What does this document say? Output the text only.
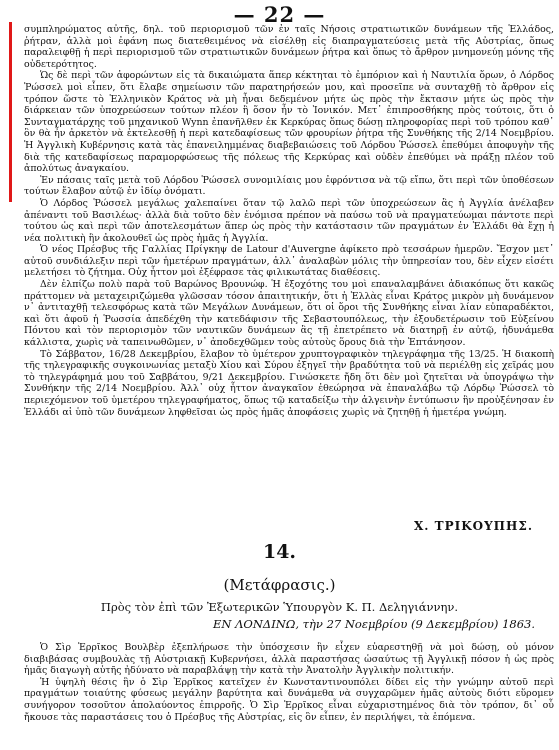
— 22 —

συμπληρώματος αὐτῆς, δηλ. τοῦ περιορισμοῦ τῶν ἐν ταῖς Νήσοις στρατιωτικῶν δυνάμεων τῆς Ἑλλάδος, ῥήτραν, ἀλλὰ μοὶ ἐφάνη πως διατεθειμένος νὰ εἰσέλθῃ εἰς διαπραγματεύσεις μετὰ τῆς Αὐστρίας, ὅπως παραλειφθῇ ἡ περὶ περιορισμοῦ τῶν στρατιωτικῶν δυνάμεων ῥήτρα καὶ ὅπως τὸ ἄρθρον μνημονεύῃ μόνης τῆς οὐδετερότητος.

Ὡς δὲ περὶ τῶν ἀφορώντων εἰς τὰ δικαιώματα ἅπερ κέκτηται τὸ ἐμπόριον καὶ ἡ Ναυτιλία ὅρων, ὁ Λόρδος Ῥώσσελ μοὶ εἶπεν, ὅτι ἔλαβε σημείωσιν τῶν παρατηρήσεών μου, καὶ προσεῖπε νὰ συνταχθῇ τὸ ἄρθρον εἰς τρόπον ὥστε τὸ Ἑλληνικὸν Κράτος νὰ μὴ ἦναι δεδεμένον μήτε ὡς πρὸς τὴν ἔκτασιν μήτε ὡς πρὸς τὴν διάρκειαν τῶν ὑποχρεώσεων τούτων πλέον ἢ ὅσον ἦν τὸ Ἰονικόν. Μετ᾽ ἐπιπροσθήκης πρὸς τούτοις, ὅτι ὁ Συνταγματάρχης τοῦ μηχανικοῦ Wynn ἐπανῆλθεν ἐκ Κερκύρας ὅπως δώσῃ πληροφορίας περὶ τοῦ τρόπου καθ᾽ ὃν θὰ ἦν ἀρκετὸν νὰ ἐκτελεσθῇ ἡ περὶ κατεδαφίσεως τῶν φρουρίων ῥήτρα τῆς Συνθήκης τῆς 2/14 Νοεμβρίου. Ἡ Ἀγγλικὴ Κυβέρνησις κατὰ τὰς ἐπανειλημμένας διαβεβαιώσεις τοῦ Λόρδου Ῥώσσελ ἐπεθύμει ἀποφυγὴν τῆς διὰ τῆς κατεδαφίσεως παραμορφώσεως τῆς πόλεως τῆς Κερκύρας καὶ οὐδὲν ἐπεθύμει νὰ πράξῃ πλέον τοῦ ἀπολύτως ἀναγκαίου.

Ἐν πάσαις ταῖς μετὰ τοῦ Λόρδου Ῥώσσελ συνομιλίαις μου ἐφρόντισα νὰ τῷ εἴπω, ὅτι περὶ τῶν ὑποθέσεων τούτων ἔλαβον αὐτῷ ἐν ἰδίῳ ὀνόματι.

Ὁ Λόρδος Ῥώσσελ μεγάλως χαλεπαίνει ὅταν τῷ λαλῶ περὶ τῶν ὑποχρεώσεων ἃς ἡ Ἀγγλία ἀνέλαβεν ἀπέναντι τοῦ Βασιλέως· ἀλλὰ διὰ τοῦτο δὲν ἐνόμισα πρέπον νὰ παύσω τοῦ νὰ πραγματεύωμαι πάντοτε περὶ τούτου ὡς καὶ περὶ τῶν ἀποτελεσμάτων ἅπερ ὡς πρὸς τὴν κατάστασιν τῶν πραγμάτων ἐν Ἑλλάδι θὰ ἔχῃ ἡ νέα πολιτικὴ ἣν ἀκολουθεῖ ὡς πρὸς ἡμᾶς ἡ Ἀγγλία.

Ὁ νέος Πρέσβυς τῆς Γαλλίας Πρίγκηψ de Latour d'Auvergne ἀφίκετο πρὸ τεσσάρων ἡμερῶν. Ἔσχον μετ᾽ αὐτοῦ συνδιάλεξιν περὶ τῶν ἡμετέρων πραγμάτων, ἀλλ᾽ ἀναλαβὼν μόλις τὴν ὑπηρεσίαν του, δὲν εἶχεν εἰσέτι μελετήσει τὸ ζήτημα. Οὐχ ἧττον μοὶ ἐξέφρασε τὰς φιλικωτάτας διαθέσεις.

Δὲν ἐλπίζω πολὺ παρὰ τοῦ Βαρώνος Βρουνώφ. Ἡ ἐξοχότης του μοὶ επαναλαμβάνει ἀδιακόπως ὅτι κακῶς πράττομεν νὰ μεταχειριζώμεθα γλῶσσαν τόσον ἀπαιτητικήν, ὅτι ἡ Ἑλλὰς εἶναι Κράτος μικρὸν μὴ δυνάμενον ν᾽ ἀντιταχθῇ τελεσφόρως κατὰ τῶν Μεγάλων Δυνάμεων, ὅτι οἱ ὅροι τῆς Συνθήκης εἶναι λίαν εὐπαραδέκτοι, καὶ ὅτι ἀφοῦ ἡ Ῥωσσία ἀπεδέχθη τὴν κατεδάφισιν τῆς Σεβαστουπόλεως, τὴν ἐξουδετέρωσιν τοῦ Εὐξείνου Πόντου καὶ τὸν περιορισμὸν τῶν ναυτικῶν δυνάμεων ἃς τῇ ἐπετρέπετο νὰ διατηρῇ ἐν αὐτῷ, ἠδυνάμεθα κάλλιστα, χωρὶς νὰ ταπεινωθῶμεν, ν᾽ ἀποδεχθῶμεν τοὺς αὐτοὺς ὅρους διὰ τὴν Ἑπτάνησον.

Τὸ Σάββατον, 16/28 Δεκεμβρίου, ἔλαβον τὸ ὑμέτερον χρυπτογραφικὸν τηλεγράφημα τῆς 13/25. Ἡ διακοπὴ τῆς τηλεγραφικῆς συγκοινωνίας μεταξὺ Χίου καὶ Σύρου ἐξηγεῖ τὴν βραδύτητα τοῦ νὰ περιέλθῃ εἰς χεῖράς μου τὸ τηλεγράφημά μου τοῦ Σαββάτου, 9/21 Δεκεμβρίου. Γινώσκετε ἤδη ὅτι δὲν μοὶ ζητεῖται νὰ ὑπογράψω τὴν Συνθήκην τῆς 2/14 Νοεμβρίου. Ἀλλ᾽ οὐχ ἧττον ἀναγκαῖον ἐθεώρησα νὰ ἐπαναλάβω τῷ Λόρδῳ Ῥώσσελ τὸ περιεχόμενον τοῦ ὑμετέρου τηλεγραφήματος, ὅπως τῷ καταδείξω τὴν ἀλγεινὴν ἐντύπωσιν ἣν προὐξένησαν ἐν Ἑλλάδι αἱ ὑπὸ τῶν δυνάμεων ληφθεῖσαι ὡς πρὸς ἡμᾶς ἀποφάσεις χωρὶς νὰ ζητηθῇ ἡ ἡμετέρα γνώμη.

Χ. ΤΡΙΚΟΥΠΗΣ.
14.
(Μετάφρασις.)
Πρὸς τὸν ἐπὶ τῶν Ἐξωτερικῶν Ὑπουργὸν Κ. Π. Δεληγιάννην.
ΕΝ ΛΟΝΔΙΝΩ, τὴν 27 Νοεμβρίου (9 Δεκεμβρίου) 1863.

Ὁ Σὶρ Ἑρρῖκος Βουλβὲρ ἐξεπλήρωσε τὴν ὑπόσχεσιν ἣν εἶχεν εὐαρεστηθῇ νὰ μοὶ δώσῃ, οὐ μόνον διαβιβάσας συμβουλὰς τῇ Αὐστριακῇ Κυβερνήσει, ἀλλὰ παραστήσας ὡσαύτως τῇ Ἀγγλικῇ πόσον ἡ ὡς πρὸς ἡμᾶς διαγωγὴ αὐτῆς ἠδύνατο νὰ παραβλάψῃ τὴν κατὰ τὴν Ἀνατολὴν Ἀγγλικὴν πολιτικήν.

Ἡ ὑψηλὴ θέσις ἣν ὁ Σὶρ Ἑρρῖκος κατεῖχεν ἐν Κωνσταντινουπόλει δίδει εἰς τὴν γνώμην αὐτοῦ περὶ πραγμάτων τοιαύτης φύσεως μεγάλην βαρύτητα καὶ δυνάμεθα νὰ συγχαρῶμεν ἡμᾶς αὐτοὺς διότι εὕρομεν συνήγορον τοσοῦτον ἀπολαύοντος ἐπιρροῆς. Ὁ Σὶρ Ἑρρῖκος εἶναι εὐχαριστημένος διὰ τὸν τρόπον, δι᾽ οὗ ἤκουσε τὰς παραστάσεις του ὁ Πρέσβυς τῆς Αὐστρίας, εἰς ὃν εἶπεν, ἐν περιλήψει, τὰ ἑπόμενα.
